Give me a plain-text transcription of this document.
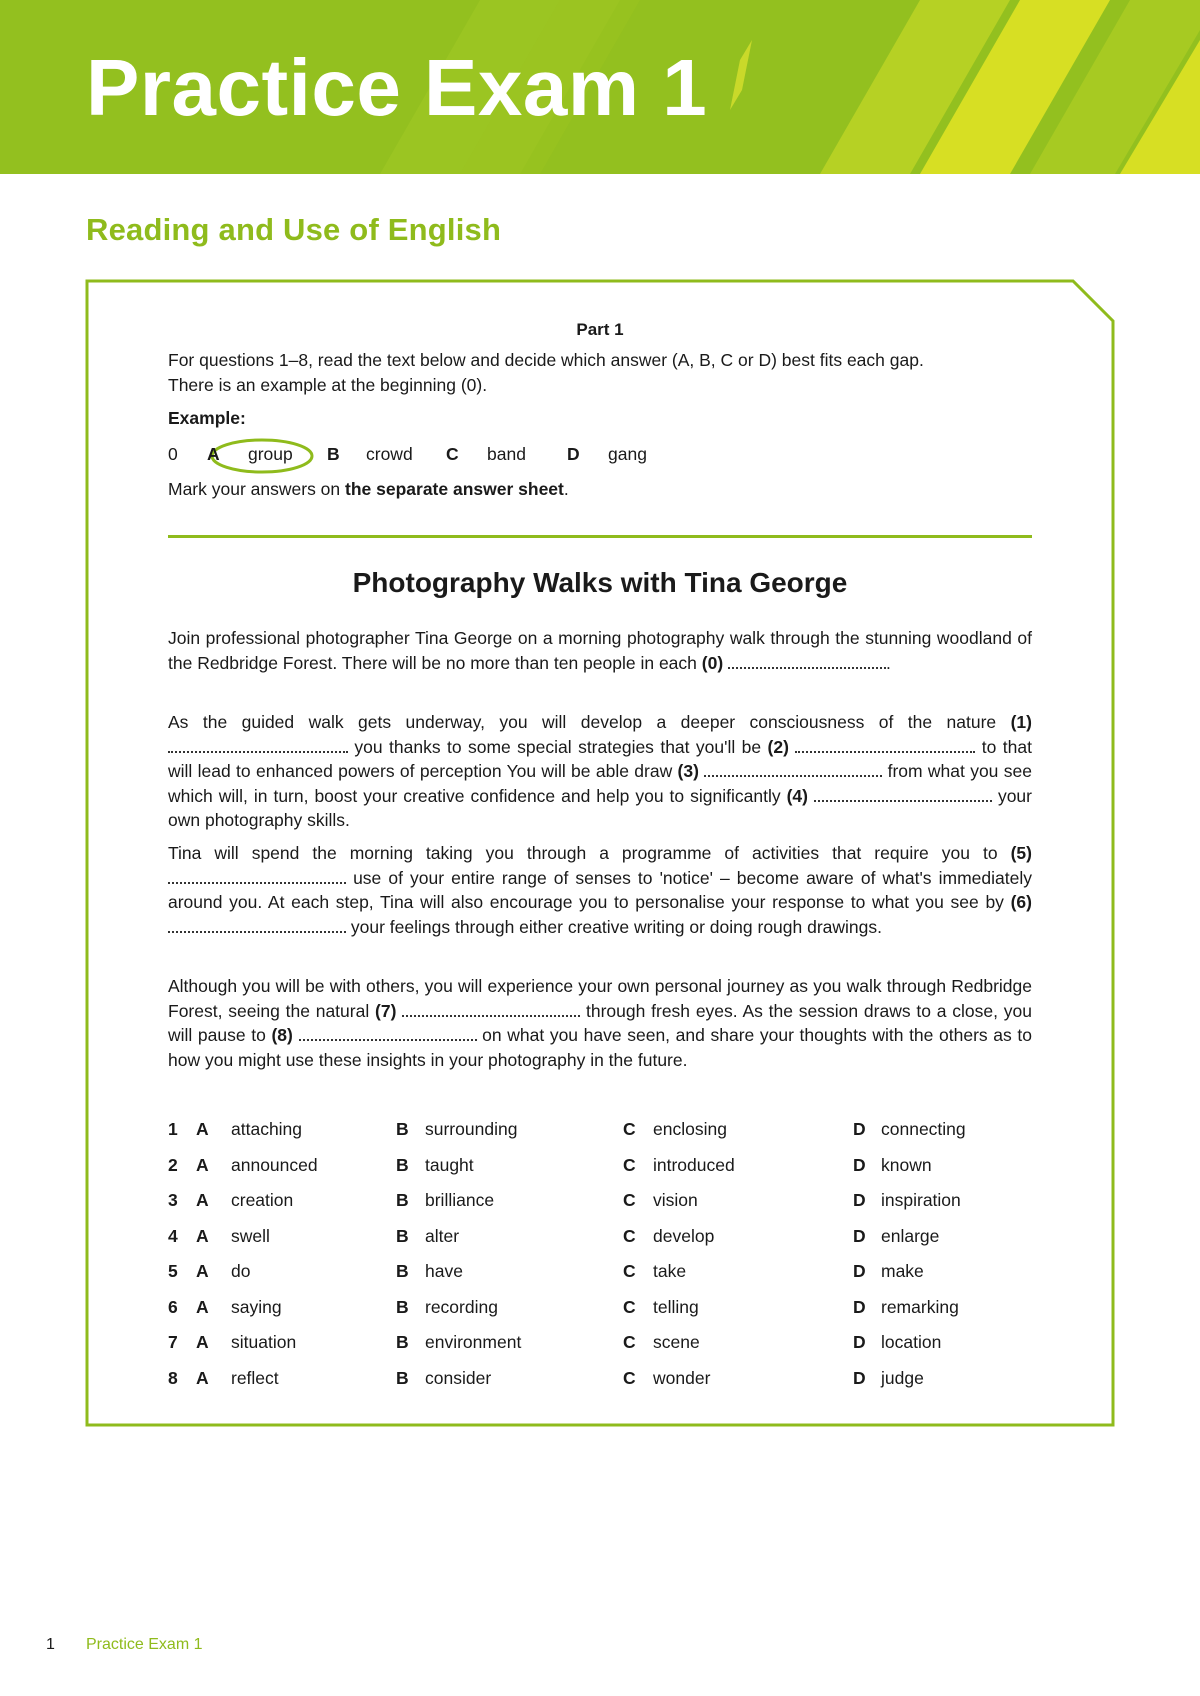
Practice Exam 1
Reading and Use of English
Part 1
For questions 1–8, read the text below and decide which answer (A, B, C or D) best fits each gap.
There is an example at the beginning (0).
Example:
0 A group B crowd C band D gang
Mark your answers on the separate answer sheet.
Photography Walks with Tina George
Join professional photographer Tina George on a morning photography walk through the stunning woodland of the Redbridge Forest. There will be no more than ten people in each (0)	.
As the guided walk gets underway, you will develop a deeper consciousness of the nature (1)  you thanks to some special strategies that you'll be (2)	to that will lead to enhanced powers of perception You will be able draw (3)	from what you see which will, in turn, boost your creative confidence and help you to significantly (4)	your own photography skills.
Tina will spend the morning taking you through a programme of activities that require you to (5)  use of your entire range of senses to 'notice' – become aware of what's immediately around you. At each step, Tina will also encourage you to personalise your response to what you see by (6)  your feelings through either creative writing or doing rough drawings.
Although you will be with others, you will experience your own personal journey as you walk through Redbridge Forest, seeing the natural (7)	through fresh eyes. As the session draws to a close, you will pause to (8)	on what you have seen, and share your thoughts with the others as to how you might use these insights in your photography in the future.
1 A attaching	B surrounding	C enclosing	D connecting
2 A announced	B taught	C introduced	D known
3 A creation	B brilliance	C vision	D inspiration
4 A swell	B alter	C develop	D enlarge
5 A do	B have	C take	D make
6 A saying	B recording	C telling	D remarking
7 A situation	B environment	C scene	D location
8 A reflect	B consider	C wonder	D judge
1 Practice Exam 1
